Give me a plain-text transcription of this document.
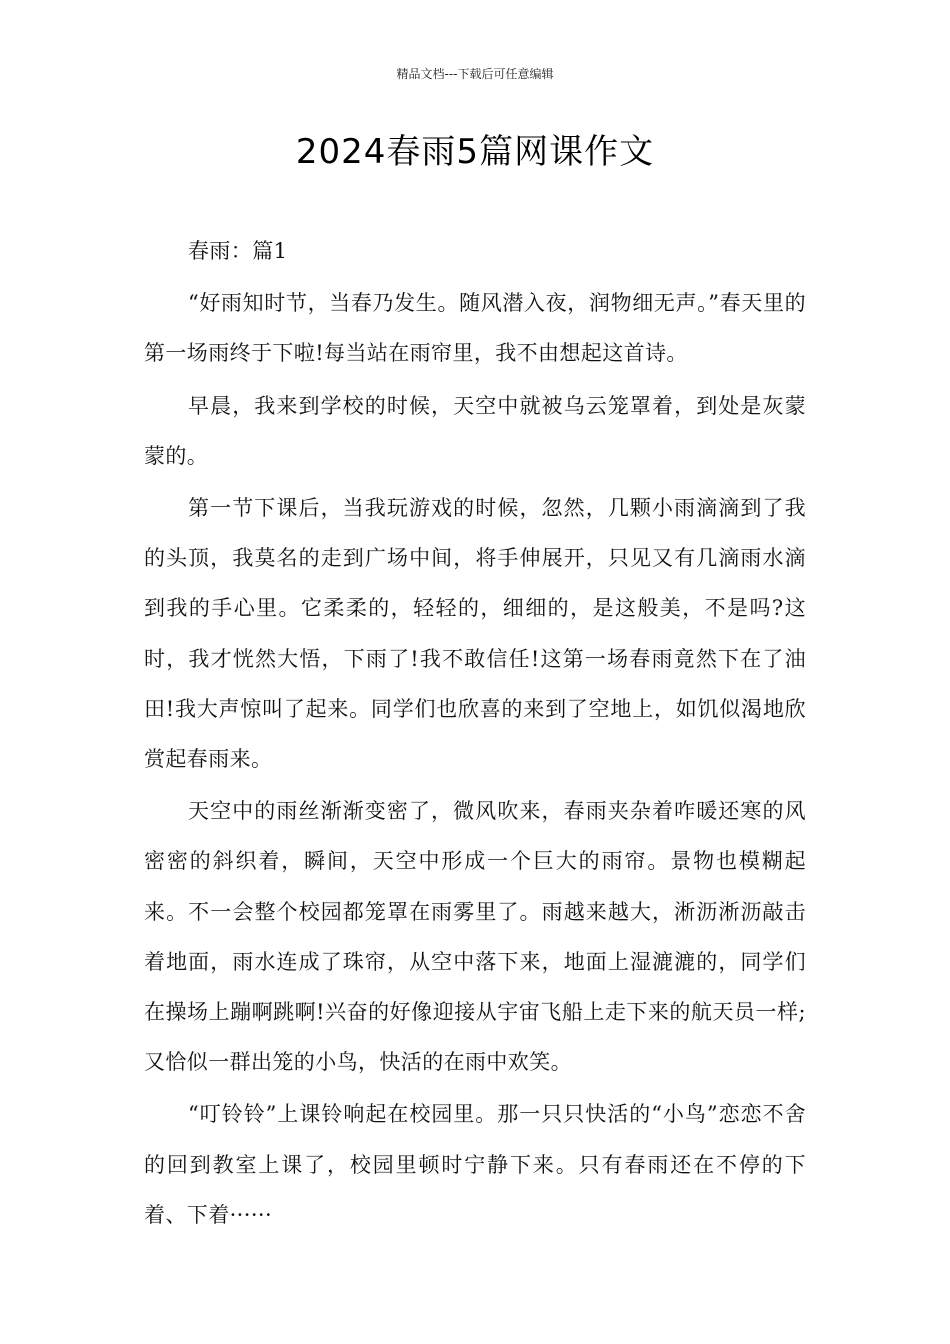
精品文档---下载后可任意编辑
2024春雨5篇网课作文

春雨：篇1

“好雨知时节，当春乃发生。随风潜入夜，润物细无声。”春天里的第一场雨终于下啦!每当站在雨帘里，我不由想起这首诗。

早晨，我来到学校的时候，天空中就被乌云笼罩着，到处是灰蒙蒙的。

第一节下课后，当我玩游戏的时候，忽然，几颗小雨滴滴到了我的头顶，我莫名的走到广场中间，将手伸展开，只见又有几滴雨水滴到我的手心里。它柔柔的，轻轻的，细细的，是这般美，不是吗?这时，我才恍然大悟，下雨了!我不敢信任!这第一场春雨竟然下在了油田!我大声惊叫了起来。同学们也欣喜的来到了空地上，如饥似渴地欣赏起春雨来。

天空中的雨丝渐渐变密了，微风吹来，春雨夹杂着咋暖还寒的风密密的斜织着，瞬间，天空中形成一个巨大的雨帘。景物也模糊起来。不一会整个校园都笼罩在雨雾里了。雨越来越大，淅沥淅沥敲击着地面，雨水连成了珠帘，从空中落下来，地面上湿漉漉的，同学们在操场上蹦啊跳啊!兴奋的好像迎接从宇宙飞船上走下来的航天员一样;又恰似一群出笼的小鸟，快活的在雨中欢笑。

“叮铃铃”上课铃响起在校园里。那一只只快活的“小鸟”恋恋不舍的回到教室上课了，校园里顿时宁静下来。只有春雨还在不停的下着、下着······
